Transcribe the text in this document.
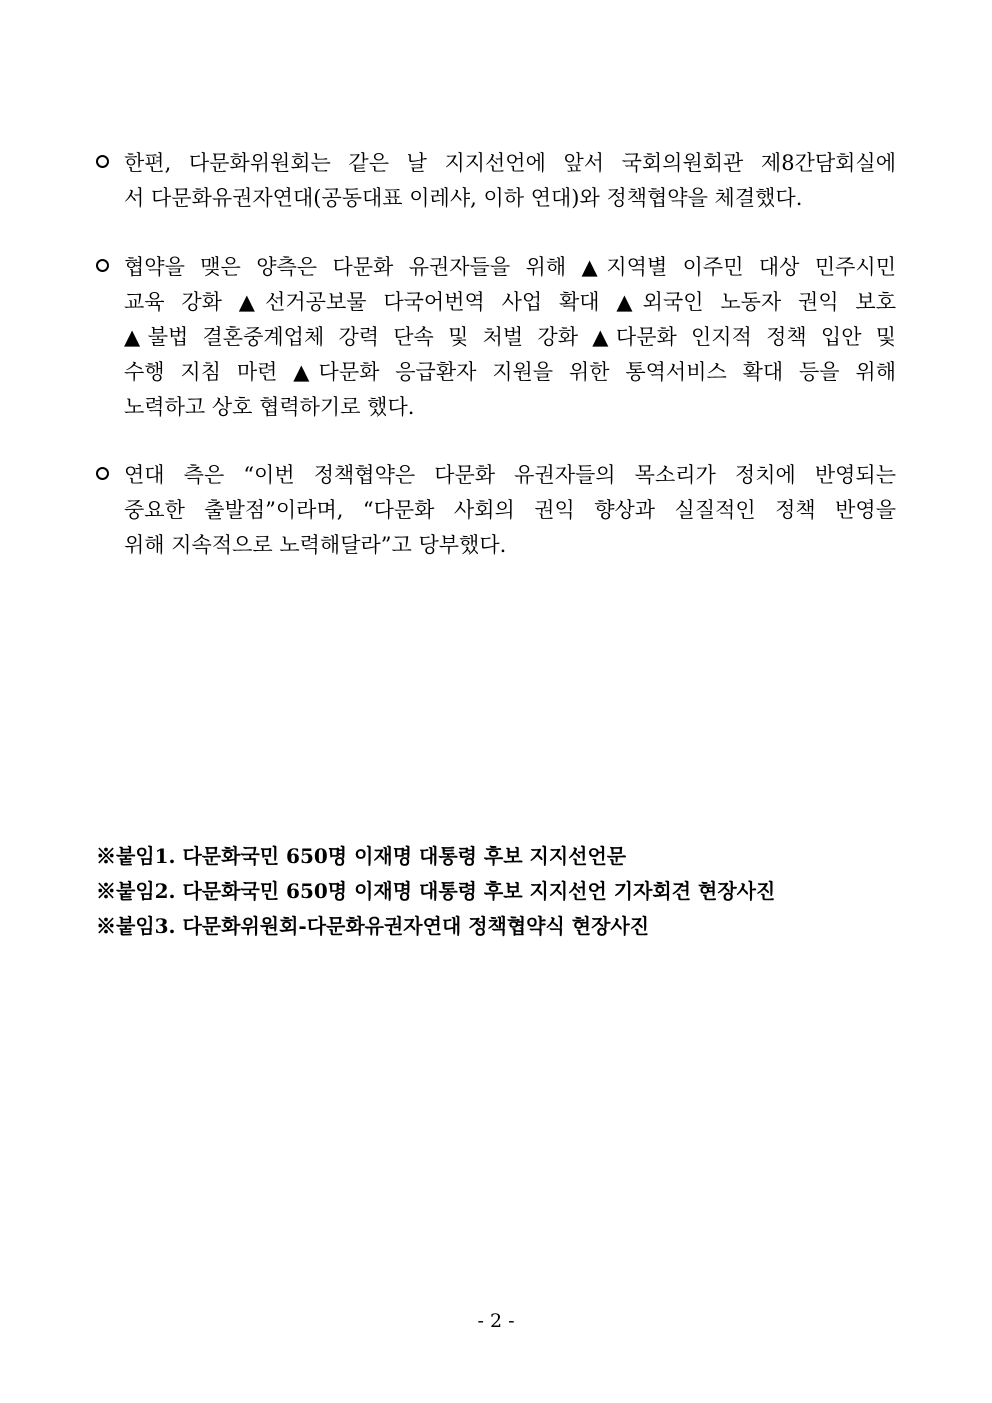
한편, 다문화위원회는 같은 날 지지선언에 앞서 국회의원회관 제8간담회실에
서 다문화유권자연대(공동대표 이레샤, 이하 연대)와 정책협약을 체결했다.
협약을 맺은 양측은 다문화 유권자들을 위해 ▲지역별 이주민 대상 민주시민
교육 강화 ▲선거공보물 다국어번역 사업 확대 ▲외국인 노동자 권익 보호
▲불법 결혼중계업체 강력 단속 및 처벌 강화 ▲다문화 인지적 정책 입안 및
수행 지침 마련 ▲다문화 응급환자 지원을 위한 통역서비스 확대 등을 위해
노력하고 상호 협력하기로 했다.
연대 측은 “이번 정책협약은 다문화 유권자들의 목소리가 정치에 반영되는
중요한 출발점”이라며, “다문화 사회의 권익 향상과 실질적인 정책 반영을
위해 지속적으로 노력해달라”고 당부했다.
※붙임1. 다문화국민 650명 이재명 대통령 후보 지지선언문
※붙임2. 다문화국민 650명 이재명 대통령 후보 지지선언 기자회견 현장사진
※붙임3. 다문화위원회-다문화유권자연대 정책협약식 현장사진
- 2 -
